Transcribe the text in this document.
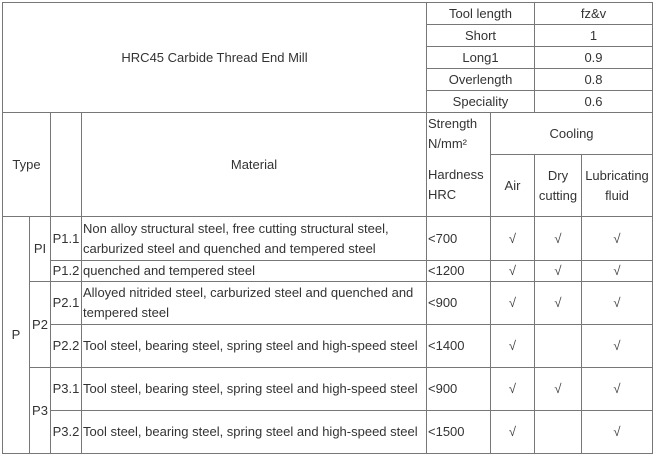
HRC45 Carbide Thread End Mill				Tool length		fz&v	
				Short		1	
				Long1		0.9	
				Overlength		0.8	
				Speciality		0.6	
Type			Material	Strength N/mm²	Cooling		
				Hardness HRC	Air	Dry cutting	Lubricating fluid
P	PI	P1.1	Non alloy structural steel, free cutting structural steel, carburized steel and quenched and tempered steel	<700	√	√	√
		P1.2	quenched and tempered steel	<1200	√	√	√
	P2	P2.1	Alloyed nitrided steel, carburized steel and quenched and tempered steel	<900	√	√	√
		P2.2	Tool steel, bearing steel, spring steel and high-speed steel	<1400	√		√
	P3	P3.1	Tool steel, bearing steel, spring steel and high-speed steel	<900	√	√	√
		P3.2	Tool steel, bearing steel, spring steel and high-speed steel	<1500	√		√
